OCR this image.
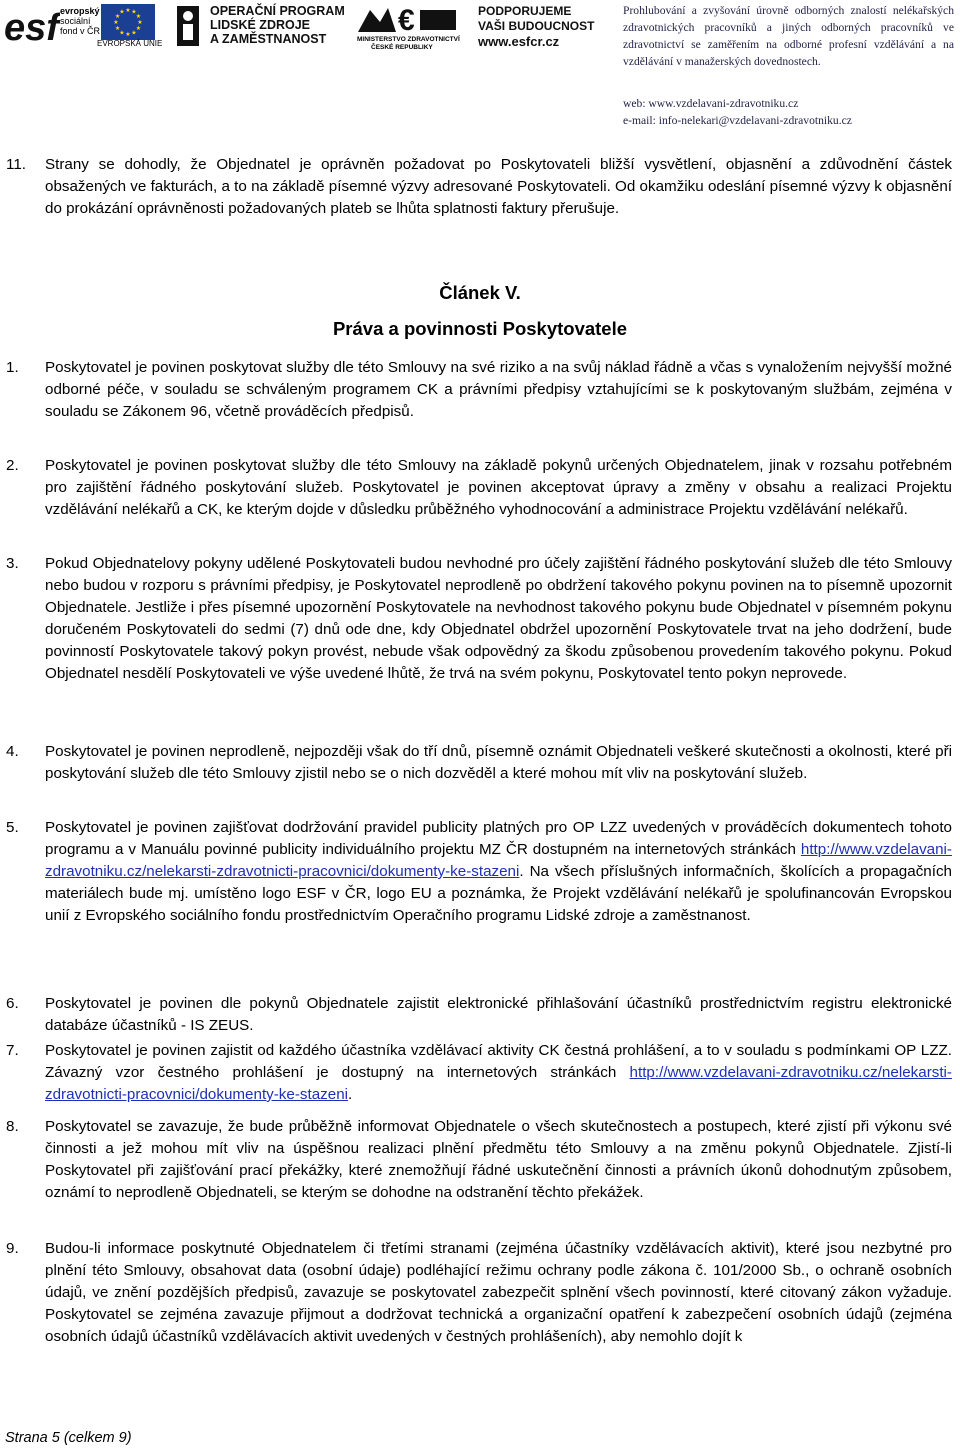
esf evropský
sociální
fond v ČR
★ ★
★
★
★
★
★
★
★
★
★
★
EVROPSKÁ UNIE
OPERAČNÍ PROGRAM
LIDSKÉ ZDROJE
A ZAMĚSTNANOST
€
MINISTERSTVO ZDRAVOTNICTVÍ
ČESKÉ REPUBLIKY
PODPORUJEME
VAŠI BUDOUCNOST
www.esfcr.cz
Prohlubování a zvyšování úrovně odborných znalostí nelékařských zdravotnických pracovníků a jiných odborných pracovníků ve zdravotnictví se zaměřením na odborné profesní vzdělávání a na vzdělávání v manažerských dovednostech.
web: www.vzdelavani-zdravotniku.cz
e-mail: info-nelekari@vzdelavani-zdravotniku.cz
11. Strany se dohodly, že Objednatel je oprávněn požadovat po Poskytovateli bližší vysvětlení, objasnění a zdůvodnění částek obsažených ve fakturách, a to na základě písemné výzvy adresované Poskytovateli. Od okamžiku odeslání písemné výzvy k objasnění do prokázání oprávněnosti požadovaných plateb se lhůta splatnosti faktury přerušuje.
Článek V.
Práva a povinnosti Poskytovatele
1. Poskytovatel je povinen poskytovat služby dle této Smlouvy na své riziko a na svůj náklad řádně a včas s vynaložením nejvyšší možné odborné péče, v souladu se schváleným programem CK a právními předpisy vztahujícími se k poskytovaným službám, zejména v souladu se Zákonem 96, včetně prováděcích předpisů.
2. Poskytovatel je povinen poskytovat služby dle této Smlouvy na základě pokynů určených Objednatelem, jinak v rozsahu potřebném pro zajištění řádného poskytování služeb. Poskytovatel je povinen akceptovat úpravy a změny v obsahu a realizaci Projektu vzdělávání nelékařů a CK, ke kterým dojde v důsledku průběžného vyhodnocování a administrace Projektu vzdělávání nelékařů.
3. Pokud Objednatelovy pokyny udělené Poskytovateli budou nevhodné pro účely zajištění řádného poskytování služeb dle této Smlouvy nebo budou v rozporu s právními předpisy, je Poskytovatel neprodleně po obdržení takového pokynu povinen na to písemně upozornit Objednatele. Jestliže i přes písemné upozornění Poskytovatele na nevhodnost takového pokynu bude Objednatel v písemném pokynu doručeném Poskytovateli do sedmi (7) dnů ode dne, kdy Objednatel obdržel upozornění Poskytovatele trvat na jeho dodržení, bude povinností Poskytovatele takový pokyn provést, nebude však odpovědný za škodu způsobenou provedením takového pokynu. Pokud Objednatel nesdělí Poskytovateli ve výše uvedené lhůtě, že trvá na svém pokynu, Poskytovatel tento pokyn neprovede.
4. Poskytovatel je povinen neprodleně, nejpozději však do tří dnů, písemně oznámit Objednateli veškeré skutečnosti a okolnosti, které při poskytování služeb dle této Smlouvy zjistil nebo se o nich dozvěděl a které mohou mít vliv na poskytování služeb.
5. Poskytovatel je povinen zajišťovat dodržování pravidel publicity platných pro OP LZZ uvedených v prováděcích dokumentech tohoto programu a v Manuálu povinné publicity individuálního projektu MZ ČR dostupném na internetových stránkách http://www.vzdelavani-zdravotniku.cz/nelekarsti-zdravotnicti-pracovnici/dokumenty-ke-stazeni. Na všech příslušných informačních, školících a propagačních materiálech bude mj. umístěno logo ESF v ČR, logo EU a poznámka, že Projekt vzdělávání nelékařů je spolufinancován Evropskou unií z Evropského sociálního fondu prostřednictvím Operačního programu Lidské zdroje a zaměstnanost.
6. Poskytovatel je povinen dle pokynů Objednatele zajistit elektronické přihlašování účastníků prostřednictvím registru elektronické databáze účastníků - IS ZEUS.
7. Poskytovatel je povinen zajistit od každého účastníka vzdělávací aktivity CK čestná prohlášení, a to v souladu s podmínkami OP LZZ. Závazný vzor čestného prohlášení je dostupný na internetových stránkách http://www.vzdelavani-zdravotniku.cz/nelekarsti-zdravotnicti-pracovnici/dokumenty-ke-stazeni.
8. Poskytovatel se zavazuje, že bude průběžně informovat Objednatele o všech skutečnostech a postupech, které zjistí při výkonu své činnosti a jež mohou mít vliv na úspěšnou realizaci plnění předmětu této Smlouvy a na změnu pokynů Objednatele. Zjistí-li Poskytovatel při zajišťování prací překážky, které znemožňují řádné uskutečnění činnosti a právních úkonů dohodnutým způsobem, oznámí to neprodleně Objednateli, se kterým se dohodne na odstranění těchto překážek.
9. Budou-li informace poskytnuté Objednatelem či třetími stranami (zejména účastníky vzdělávacích aktivit), které jsou nezbytné pro plnění této Smlouvy, obsahovat data (osobní údaje) podléhající režimu ochrany podle zákona č. 101/2000 Sb., o ochraně osobních údajů, ve znění pozdějších předpisů, zavazuje se poskytovatel zabezpečit splnění všech povinností, které citovaný zákon vyžaduje. Poskytovatel se zejména zavazuje přijmout a dodržovat technická a organizační opatření k zabezpečení osobních údajů (zejména osobních údajů účastníků vzdělávacích aktivit uvedených v čestných prohlášeních), aby nemohlo dojít k
Strana 5 (celkem 9)
